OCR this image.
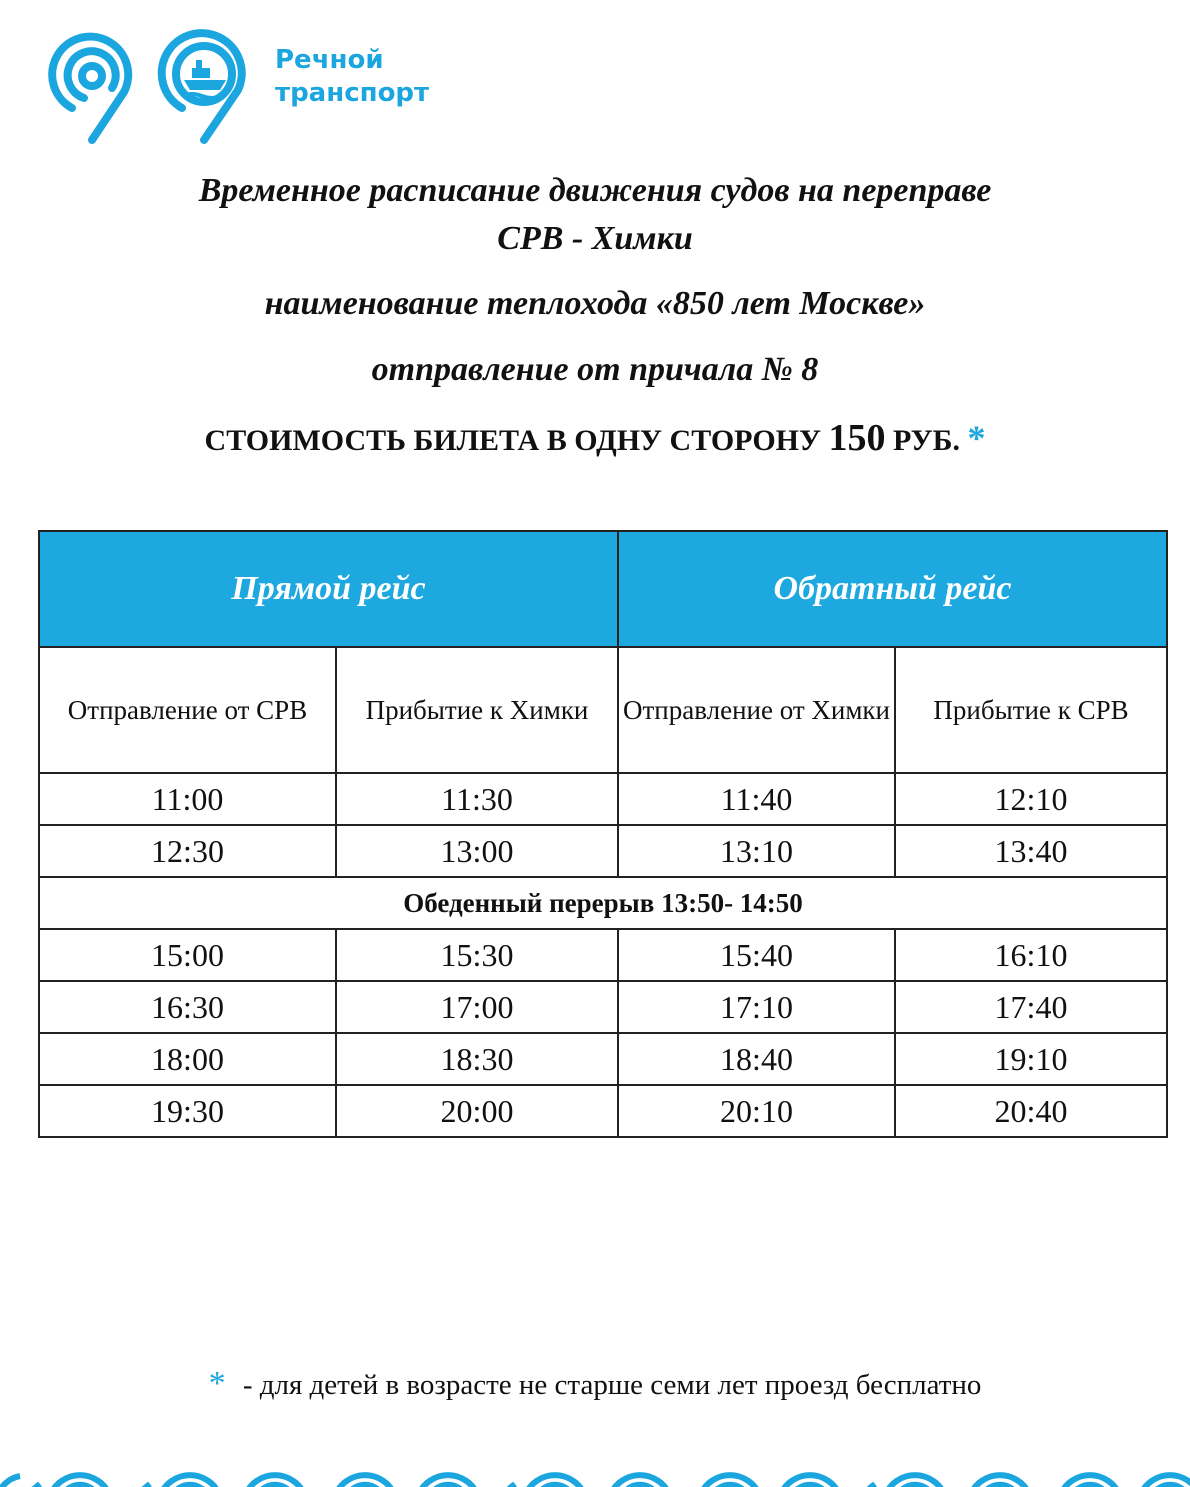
Речной
транспорт
Временное расписание движения судов на переправе
СРВ - Химки
наименование теплохода «850 лет Москве»
отправление от причала № 8
СТОИМОСТЬ БИЛЕТА В ОДНУ СТОРОНУ 150 РУБ. *
Прямой рейс		Обратный рейс	
Отправление от СРВ	Прибытие к Химки	Отправление от Химки	Прибытие к СРВ
11:00	11:30	11:40	12:10
12:30	13:00	13:10	13:40
Обеденный перерыв 13:50- 14:50			
15:00	15:30	15:40	16:10
16:30	17:00	17:10	17:40
18:00	18:30	18:40	19:10
19:30	20:00	20:10	20:40
* - для детей в возрасте не старше семи лет проезд бесплатно
